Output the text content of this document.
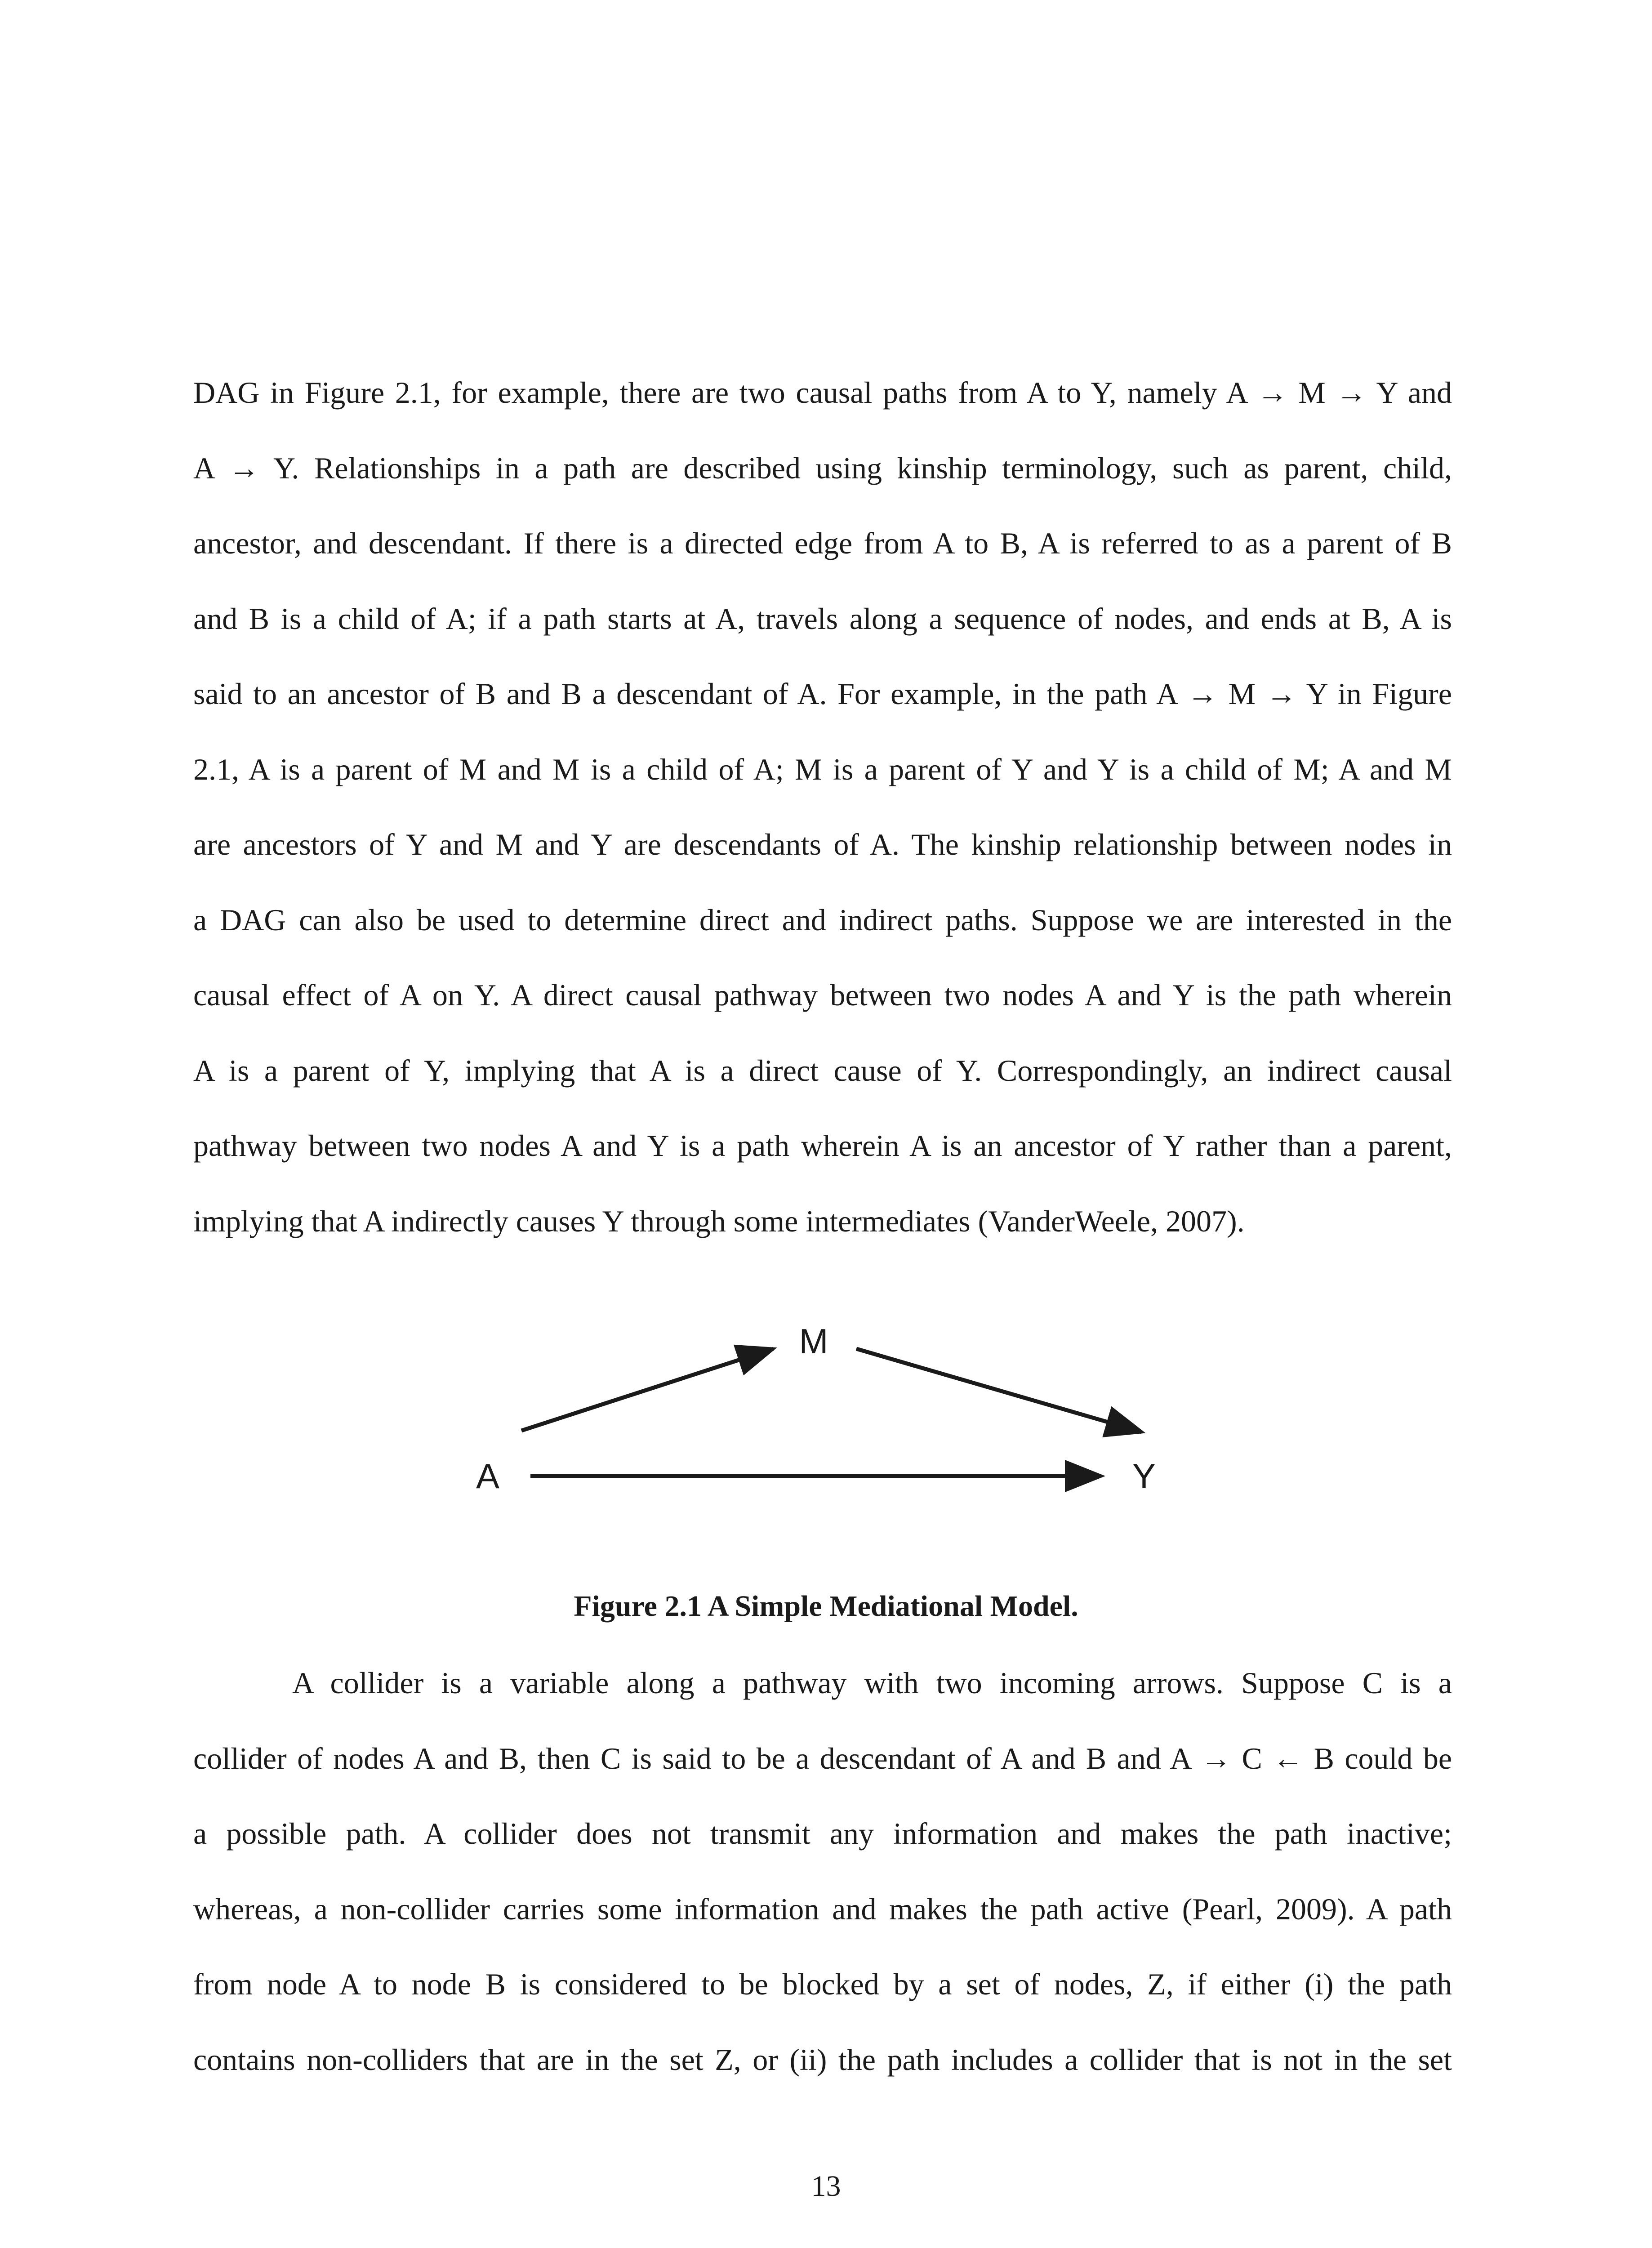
DAG in Figure 2.1, for example, there are two causal paths from A to Y, namely A → M → Y and
A → Y. Relationships in a path are described using kinship terminology, such as parent, child,
ancestor, and descendant. If there is a directed edge from A to B, A is referred to as a parent of B
and B is a child of A; if a path starts at A, travels along a sequence of nodes, and ends at B, A is
said to an ancestor of B and B a descendant of A. For example, in the path A → M → Y in Figure
2.1, A is a parent of M and M is a child of A; M is a parent of Y and Y is a child of M; A and M
are ancestors of Y and M and Y are descendants of A. The kinship relationship between nodes in
a DAG can also be used to determine direct and indirect paths. Suppose we are interested in the
causal effect of A on Y. A direct causal pathway between two nodes A and Y is the path wherein
A is a parent of Y, implying that A is a direct cause of Y. Correspondingly, an indirect causal
pathway between two nodes A and Y is a path wherein A is an ancestor of Y rather than a parent,
implying that A indirectly causes Y through some intermediates (VanderWeele, 2007).
M
A	Y
Figure 2.1 A Simple Mediational Model.
A collider is a variable along a pathway with two incoming arrows. Suppose C is a
collider of nodes A and B, then C is said to be a descendant of A and B and A → C ← B could be
a possible path. A collider does not transmit any information and makes the path inactive;
whereas, a non-collider carries some information and makes the path active (Pearl, 2009). A path
from node A to node B is considered to be blocked by a set of nodes, Z, if either (i) the path
contains non-colliders that are in the set Z, or (ii) the path includes a collider that is not in the set
13
